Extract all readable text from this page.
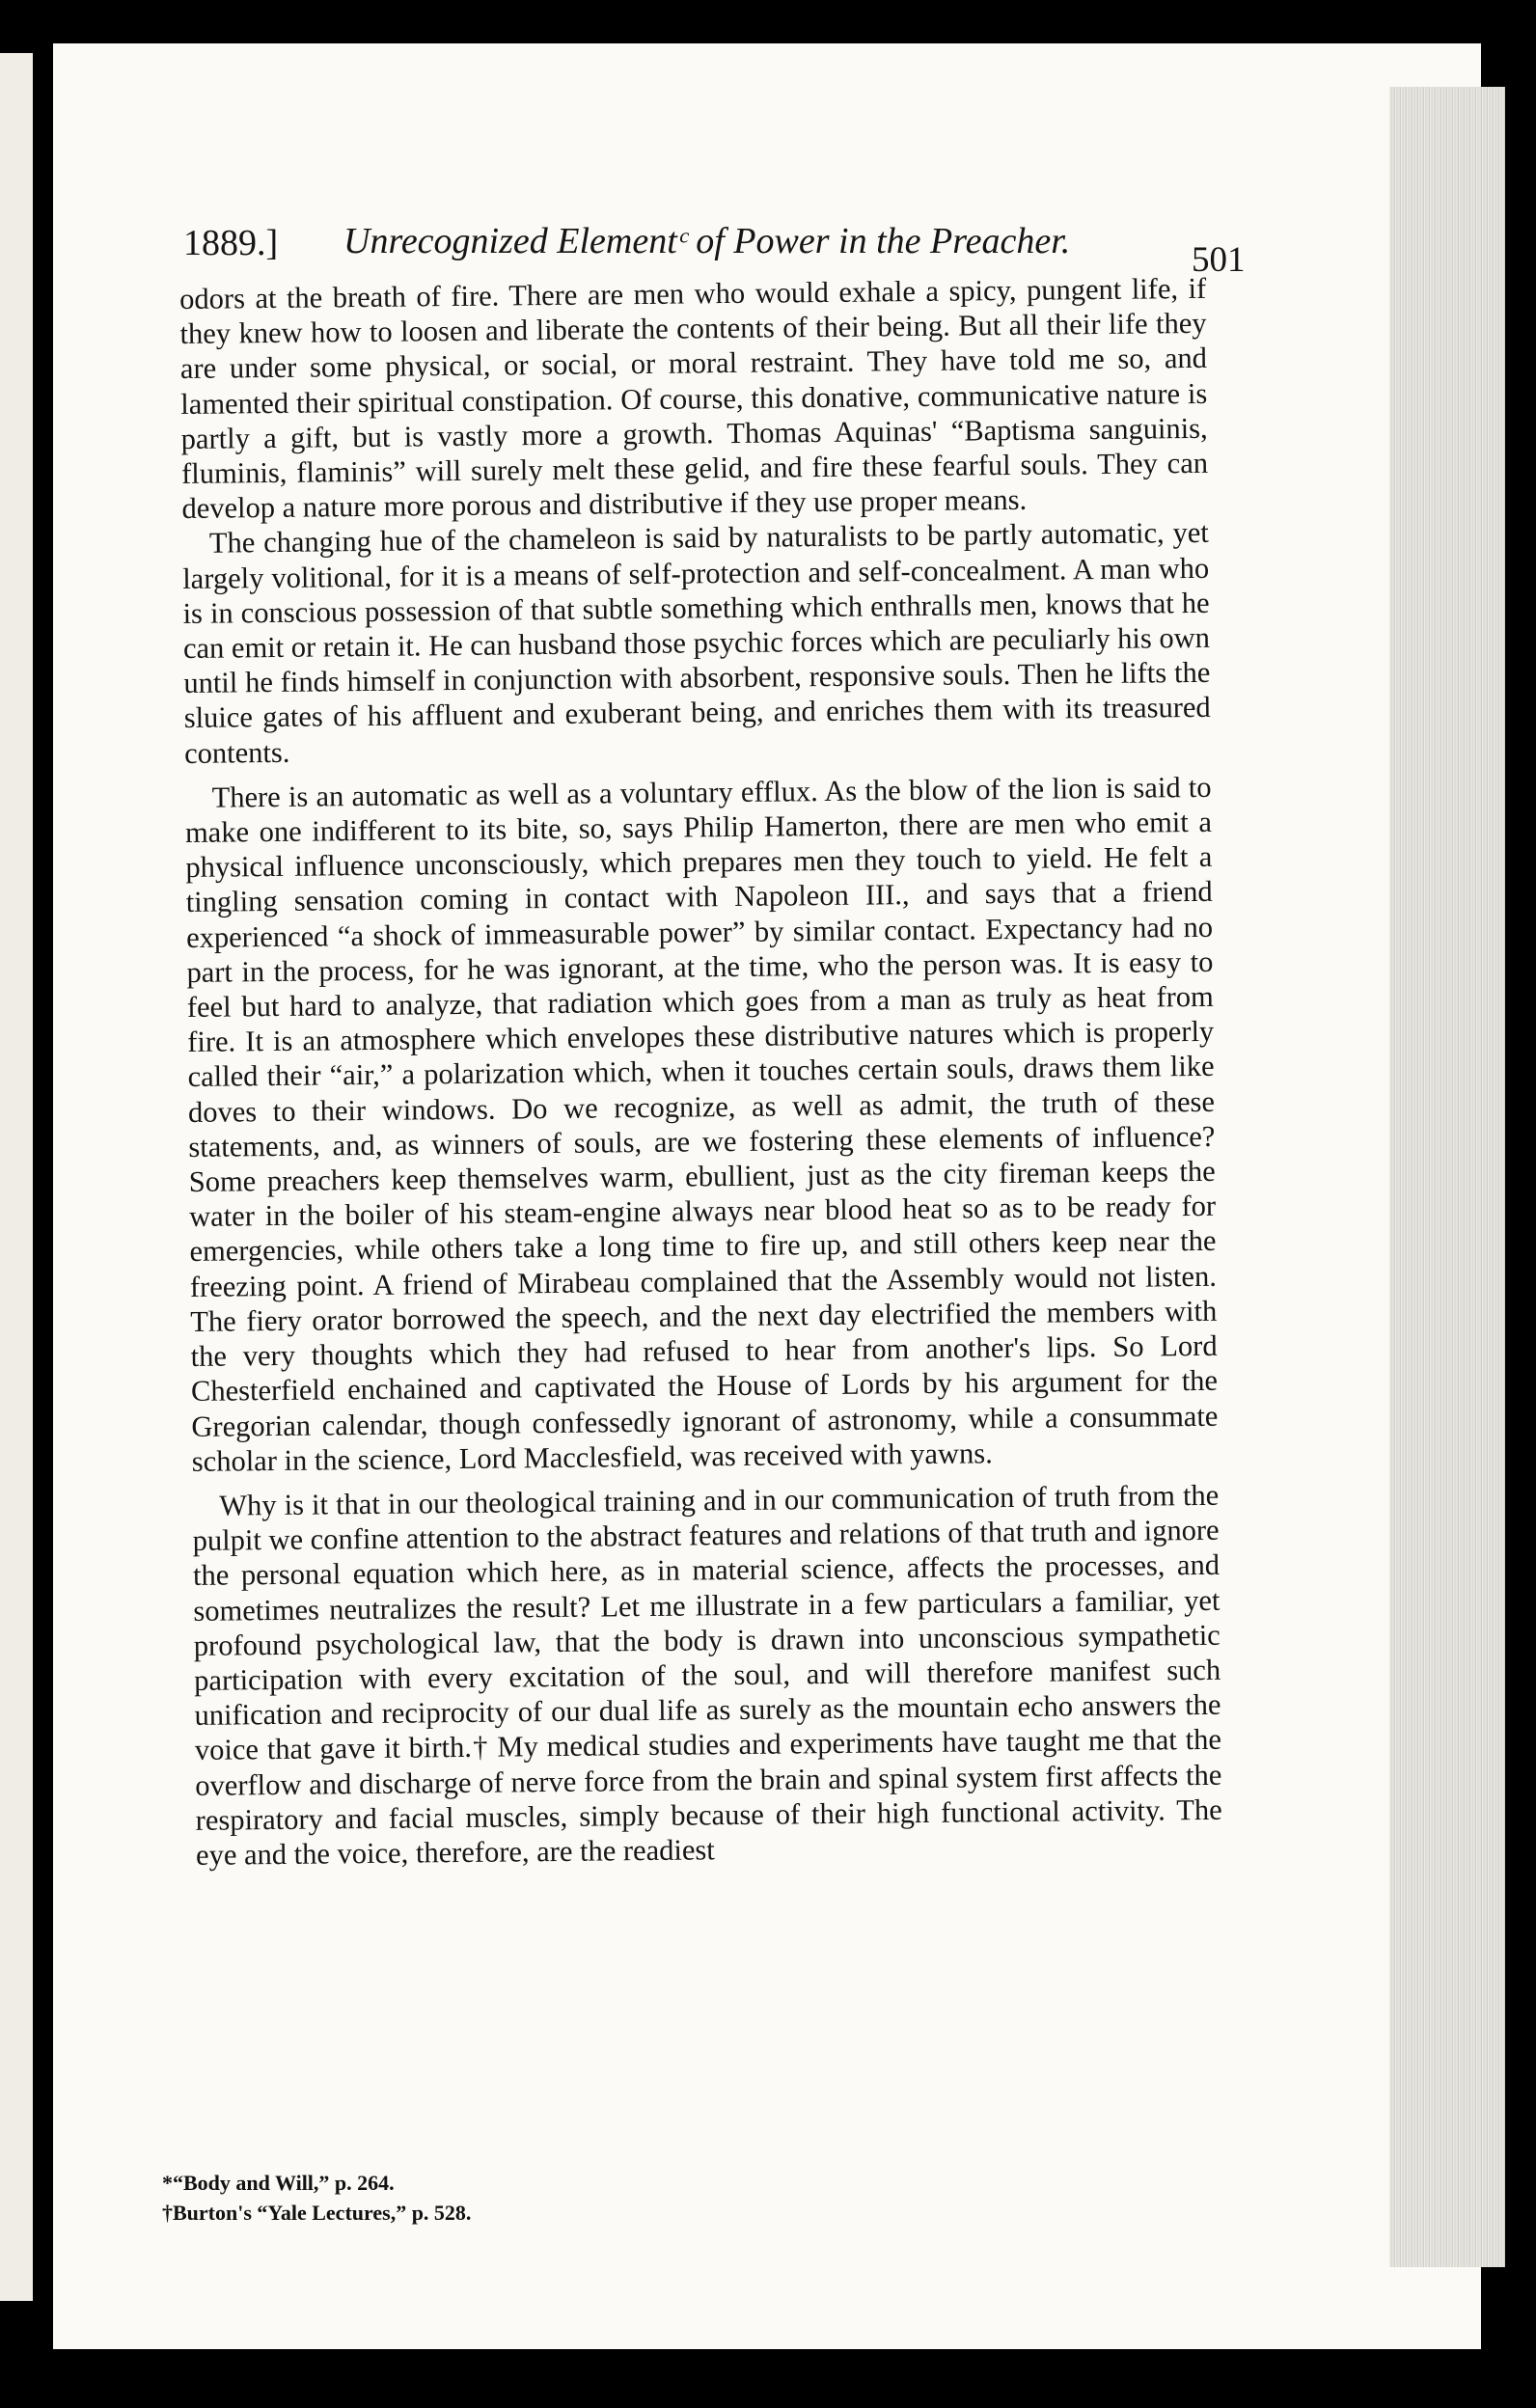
1889.] Unrecognized Elementᶜ of Power in the Preacher.	501

odors at the breath of fire. There are men who would exhale a spicy, pungent life, if they knew how to loosen and liberate the contents of their being. But all their life they are under some physical, or social, or moral restraint. They have told me so, and lamented their spiritual constipation. Of course, this donative, communicative nature is partly a gift, but is vastly more a growth. Thomas Aquinas' “Baptisma sanguinis, fluminis, flaminis” will surely melt these gelid, and fire these fearful souls. They can develop a nature more porous and distributive if they use proper means.

The changing hue of the chameleon is said by naturalists to be partly automatic, yet largely volitional, for it is a means of self-protection and self-concealment. A man who is in conscious possession of that subtle something which enthralls men, knows that he can emit or retain it. He can husband those psychic forces which are peculiarly his own until he finds himself in conjunction with absorbent, responsive souls. Then he lifts the sluice gates of his affluent and exuberant being, and enriches them with its treasured contents.

There is an automatic as well as a voluntary efflux. As the blow of the lion is said to make one indifferent to its bite, so, says Philip Hamerton, there are men who emit a physical influence unconsciously, which prepares men they touch to yield. He felt a tingling sensation coming in contact with Napoleon III., and says that a friend experienced “a shock of immeasurable power” by similar contact. Expectancy had no part in the process, for he was ignorant, at the time, who the person was. It is easy to feel but hard to analyze, that radiation which goes from a man as truly as heat from fire. It is an atmosphere which envelopes these distributive natures which is properly called their “air,” a polarization which, when it touches certain souls, draws them like doves to their windows. Do we recognize, as well as admit, the truth of these statements, and, as winners of souls, are we fostering these elements of influence? Some preachers keep themselves warm, ebullient, just as the city fireman keeps the water in the boiler of his steam-engine always near blood heat so as to be ready for emergencies, while others take a long time to fire up, and still others keep near the freezing point. A friend of Mirabeau complained that the Assembly would not listen. The fiery orator borrowed the speech, and the next day electrified the members with the very thoughts which they had refused to hear from another's lips. So Lord Chesterfield enchained and captivated the House of Lords by his argument for the Gregorian calendar, though confessedly ignorant of astronomy, while a consummate scholar in the science, Lord Macclesfield, was received with yawns.

Why is it that in our theological training and in our communication of truth from the pulpit we confine attention to the abstract features and relations of that truth and ignore the personal equation which here, as in material science, affects the processes, and sometimes neutralizes the result? Let me illustrate in a few particulars a familiar, yet profound psychological law, that the body is drawn into unconscious sympathetic participation with every excitation of the soul, and will therefore manifest such unification and reciprocity of our dual life as surely as the mountain echo answers the voice that gave it birth.† My medical studies and experiments have taught me that the overflow and discharge of nerve force from the brain and spinal system first affects the respiratory and facial muscles, simply because of their high functional activity. The eye and the voice, therefore, are the readiest

*“Body and Will,” p. 264.
†Burton's “Yale Lectures,” p. 528.
